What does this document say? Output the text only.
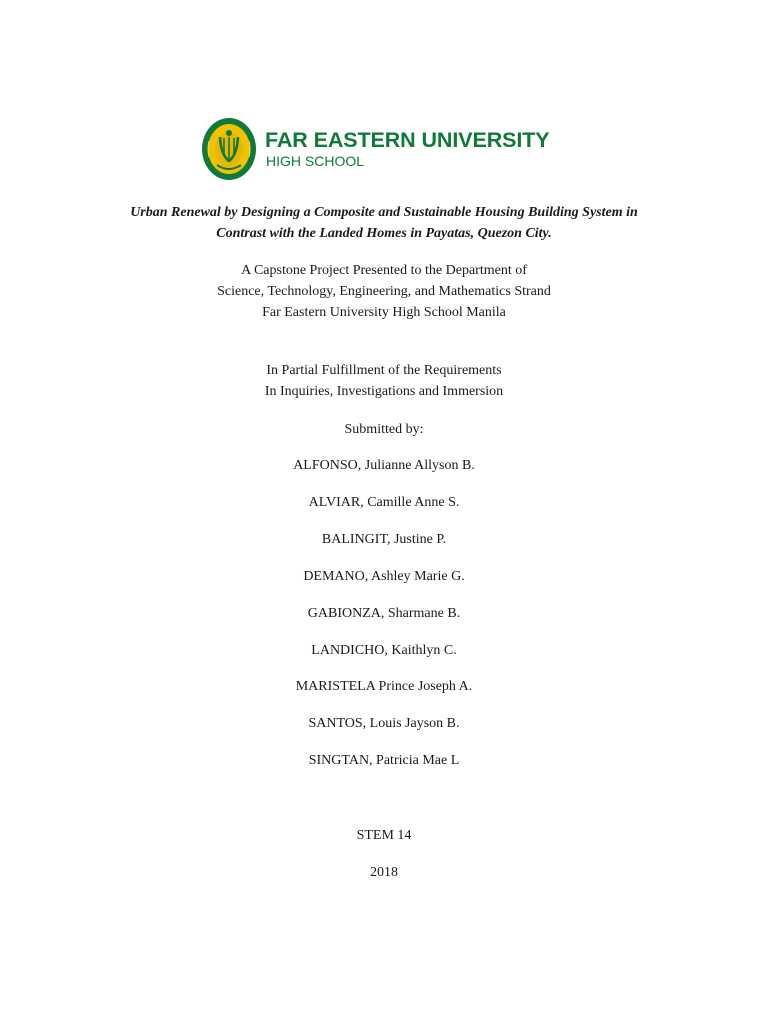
FAR EASTERN UNIVERSITY
HIGH SCHOOL
Urban Renewal by Designing a Composite and Sustainable Housing Building System in
Contrast with the Landed Homes in Payatas, Quezon City.
A Capstone Project Presented to the Department of
Science, Technology, Engineering, and Mathematics Strand
Far Eastern University High School Manila
In Partial Fulfillment of the Requirements
In Inquiries, Investigations and Immersion
Submitted by:
ALFONSO, Julianne Allyson B.
ALVIAR, Camille Anne S.
BALINGIT, Justine P.
DEMANO, Ashley Marie G.
GABIONZA, Sharmane B.
LANDICHO, Kaithlyn C.
MARISTELA Prince Joseph A.
SANTOS, Louis Jayson B.
SINGTAN, Patricia Mae L
STEM 14
2018
